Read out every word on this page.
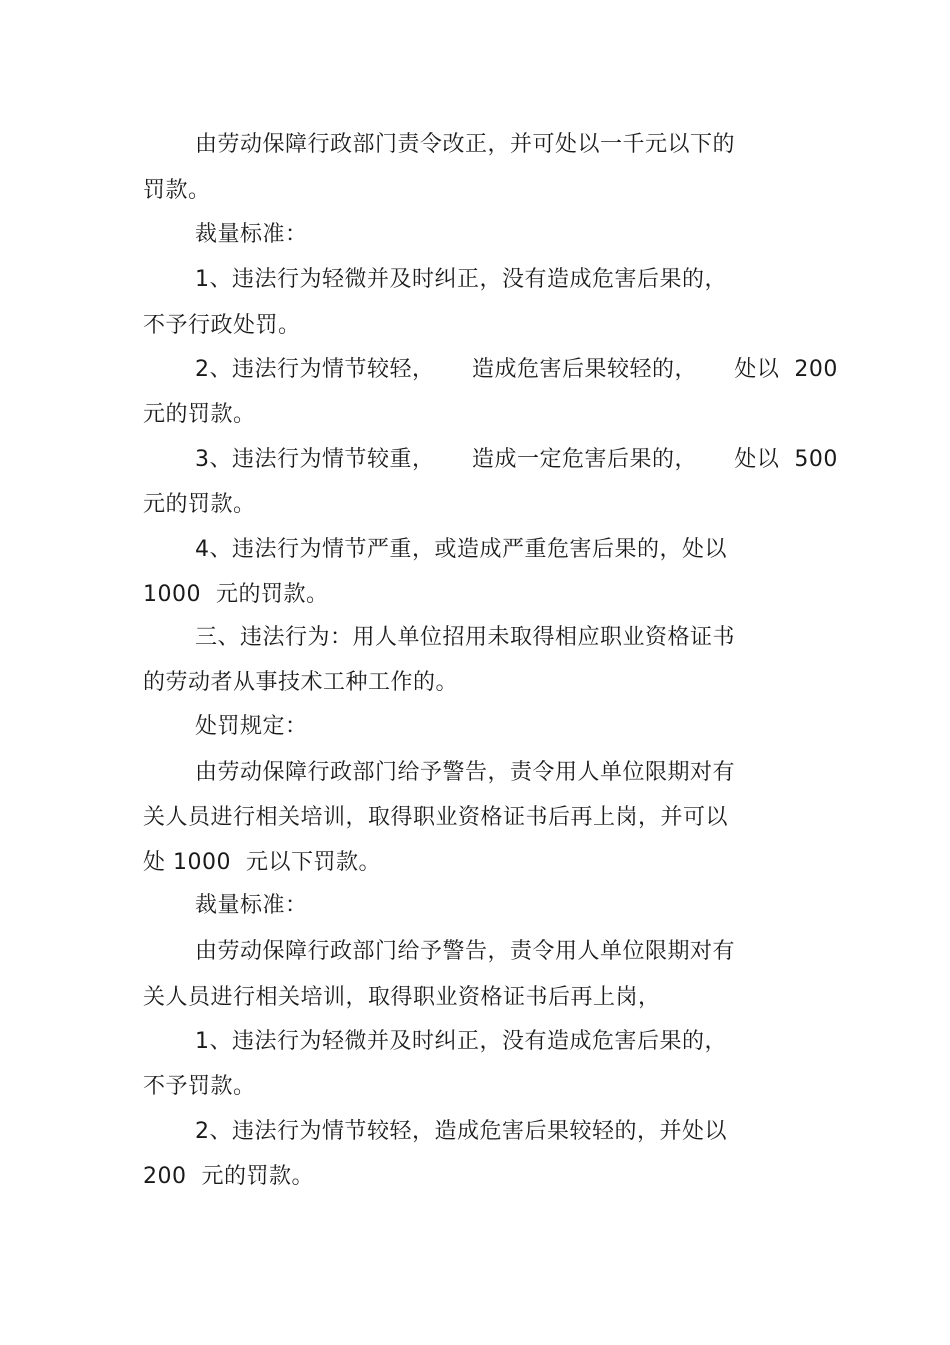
由劳动保障行政部门责令改正，并可处以一千元以下的

罚款。

裁量标准：

1、违法行为轻微并及时纠正，没有造成危害后果的，

不予行政处罚。

2、违法行为情节较轻，     造成危害后果较轻的，     处以  200

元的罚款。

3、违法行为情节较重，     造成一定危害后果的，     处以  500

元的罚款。

4、违法行为情节严重，或造成严重危害后果的，处以

1000  元的罚款。

三、违法行为：用人单位招用未取得相应职业资格证书

的劳动者从事技术工种工作的。

处罚规定：

由劳动保障行政部门给予警告，责令用人单位限期对有

关人员进行相关培训，取得职业资格证书后再上岗，并可以

处 1000  元以下罚款。

裁量标准：

由劳动保障行政部门给予警告，责令用人单位限期对有

关人员进行相关培训，取得职业资格证书后再上岗，

1、违法行为轻微并及时纠正，没有造成危害后果的，

不予罚款。

2、违法行为情节较轻，造成危害后果较轻的，并处以

200  元的罚款。
